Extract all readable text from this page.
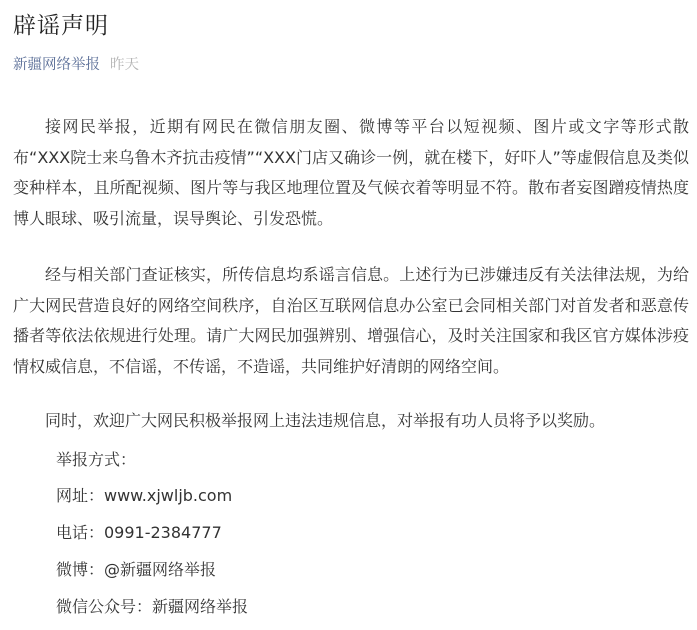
辟谣声明
新疆网络举报 昨天

接网民举报，近期有网民在微信朋友圈、微博等平台以短视频、图片或文字等形式散布“XXX院士来乌鲁木齐抗击疫情”“XXX门店又确诊一例，就在楼下，好吓人”等虚假信息及类似变种样本，且所配视频、图片等与我区地理位置及气候衣着等明显不符。散布者妄图蹭疫情热度博人眼球、吸引流量，误导舆论、引发恐慌。

经与相关部门查证核实，所传信息均系谣言信息。上述行为已涉嫌违反有关法律法规，为给广大网民营造良好的网络空间秩序，自治区互联网信息办公室已会同相关部门对首发者和恶意传播者等依法依规进行处理。请广大网民加强辨别、增强信心，及时关注国家和我区官方媒体涉疫情权威信息，不信谣，不传谣，不造谣，共同维护好清朗的网络空间。

同时，欢迎广大网民积极举报网上违法违规信息，对举报有功人员将予以奖励。

举报方式：

网址：www.xjwljb.com

电话：0991-2384777

微博：@新疆网络举报

微信公众号：新疆网络举报
